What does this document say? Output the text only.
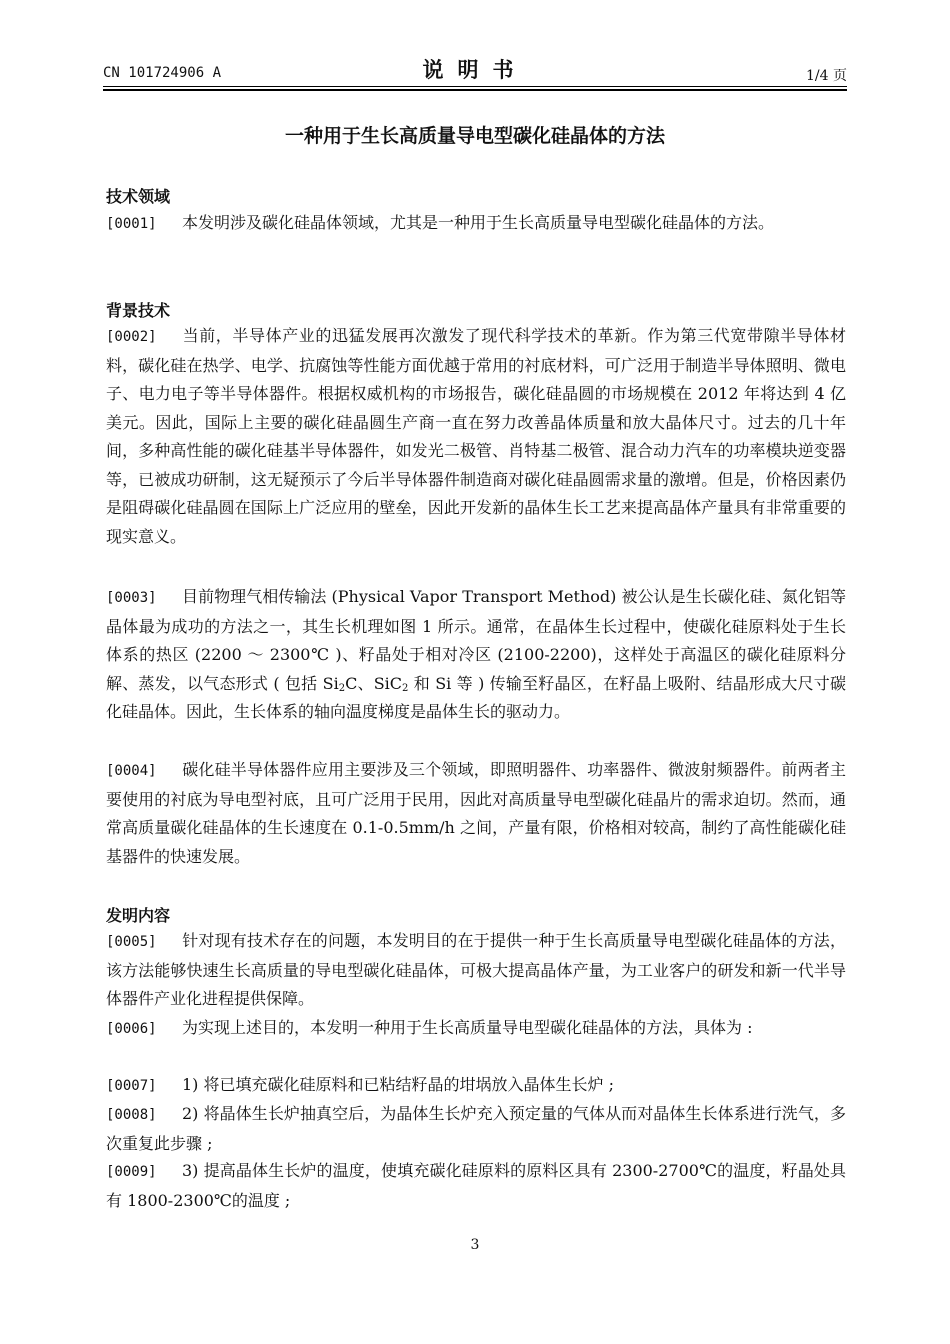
CN 101724906 A	说明书	1/4 页
一种用于生长高质量导电型碳化硅晶体的方法
技术领域
[0001] 本发明涉及碳化硅晶体领域，尤其是一种用于生长高质量导电型碳化硅晶体的方法。
背景技术
[0002] 当前，半导体产业的迅猛发展再次激发了现代科学技术的革新。作为第三代宽带隙半导体材料，碳化硅在热学、电学、抗腐蚀等性能方面优越于常用的衬底材料，可广泛用于制造半导体照明、微电子、电力电子等半导体器件。根据权威机构的市场报告，碳化硅晶圆的市场规模在 2012 年将达到 4 亿美元。因此，国际上主要的碳化硅晶圆生产商一直在努力改善晶体质量和放大晶体尺寸。过去的几十年间，多种高性能的碳化硅基半导体器件，如发光二极管、肖特基二极管、混合动力汽车的功率模块逆变器等，已被成功研制，这无疑预示了今后半导体器件制造商对碳化硅晶圆需求量的激增。但是，价格因素仍是阻碍碳化硅晶圆在国际上广泛应用的壁垒，因此开发新的晶体生长工艺来提高晶体产量具有非常重要的现实意义。
[0003] 目前物理气相传输法 (Physical Vapor Transport Method) 被公认是生长碳化硅、氮化铝等晶体最为成功的方法之一，其生长机理如图 1 所示。通常，在晶体生长过程中，使碳化硅原料处于生长体系的热区 (2200 ～ 2300℃ )、籽晶处于相对冷区 (2100-2200)，这样处于高温区的碳化硅原料分解、蒸发，以气态形式 ( 包括 $Si_2C$、SiC$_2$ 和 Si 等 ) 传输至籽晶区，在籽晶上吸附、结晶形成大尺寸碳化硅晶体。因此，生长体系的轴向温度梯度是晶体生长的驱动力。
[0004] 碳化硅半导体器件应用主要涉及三个领域，即照明器件、功率器件、微波射频器件。前两者主要使用的衬底为导电型衬底，且可广泛用于民用，因此对高质量导电型碳化硅晶片的需求迫切。然而，通常高质量碳化硅晶体的生长速度在 0.1-0.5mm/h 之间，产量有限，价格相对较高，制约了高性能碳化硅基器件的快速发展。
发明内容
[0005] 针对现有技术存在的问题，本发明目的在于提供一种于生长高质量导电型碳化硅晶体的方法，该方法能够快速生长高质量的导电型碳化硅晶体，可极大提高晶体产量，为工业客户的研发和新一代半导体器件产业化进程提供保障。
[0006] 为实现上述目的，本发明一种用于生长高质量导电型碳化硅晶体的方法，具体为 :
[0007] 1) 将已填充碳化硅原料和已粘结籽晶的坩埚放入晶体生长炉 ;
[0008] 2) 将晶体生长炉抽真空后，为晶体生长炉充入预定量的气体从而对晶体生长体系进行洗气，多次重复此步骤 ;
[0009] 3) 提高晶体生长炉的温度，使填充碳化硅原料的原料区具有 2300-2700℃的温度，籽晶处具有 1800-2300℃的温度 ;
3
